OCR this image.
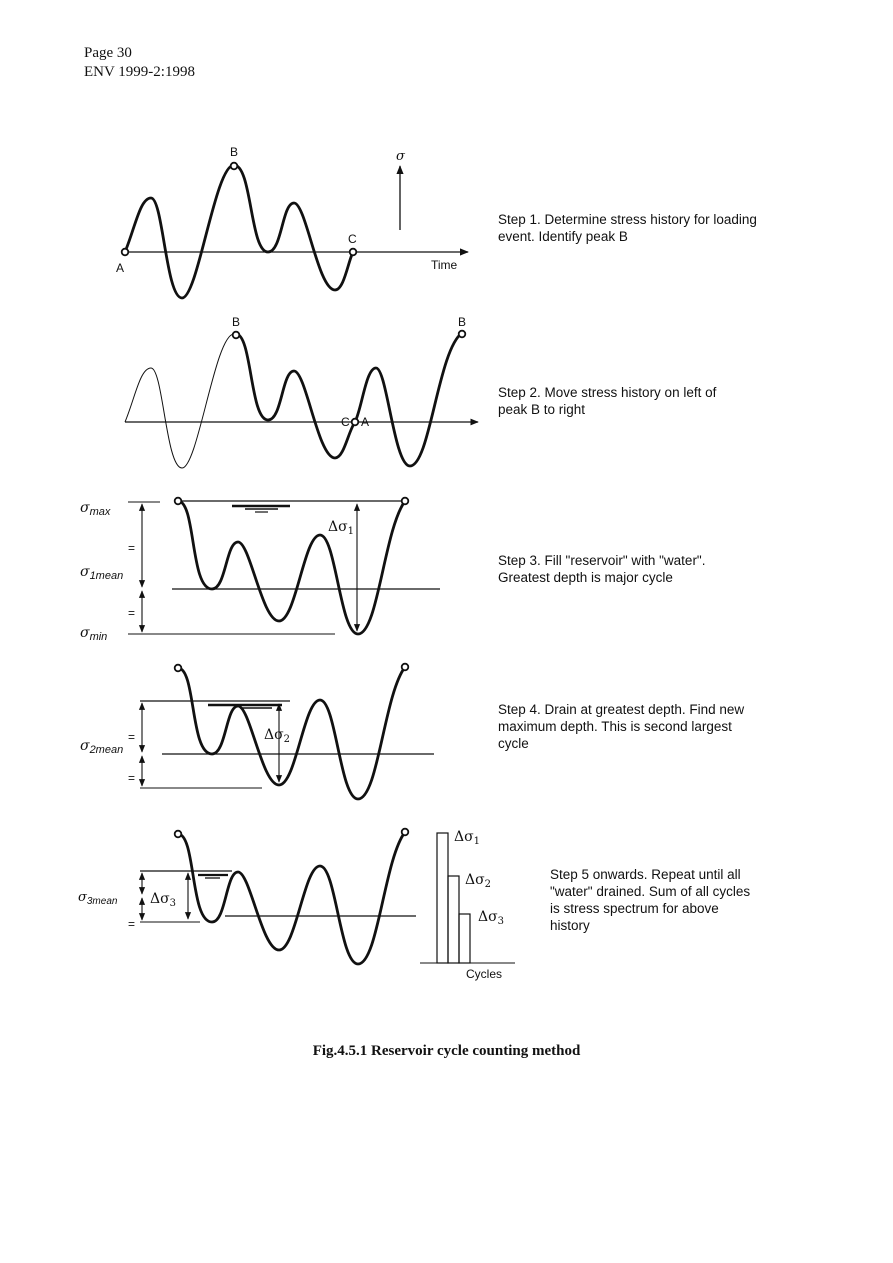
Page 30
ENV 1999-2:1998
A
B
C
σ
Time
B	B
C A
$\sigma_{max}$
=
$\sigma_{1mean}$
=
$\sigma_{min}$
$\Delta\sigma_1$
=
$\sigma_{2mean}$
=
$\Delta\sigma_2$
$\sigma_{3mean}$
=
$\Delta\sigma_3$
$\Delta\sigma_1$
$\Delta\sigma_2$
$\Delta\sigma_3$
Cycles
Step 1. Determine stress history for loading
event. Identify peak B
Step 2. Move stress history on left of
peak B to right
Step 3. Fill "reservoir" with "water".
Greatest depth is major cycle
Step 4. Drain at greatest depth. Find new
maximum depth. This is second largest
cycle
Step 5 onwards. Repeat until all
"water" drained. Sum of all cycles
is stress spectrum for above
history
Fig.4.5.1 Reservoir cycle counting method
